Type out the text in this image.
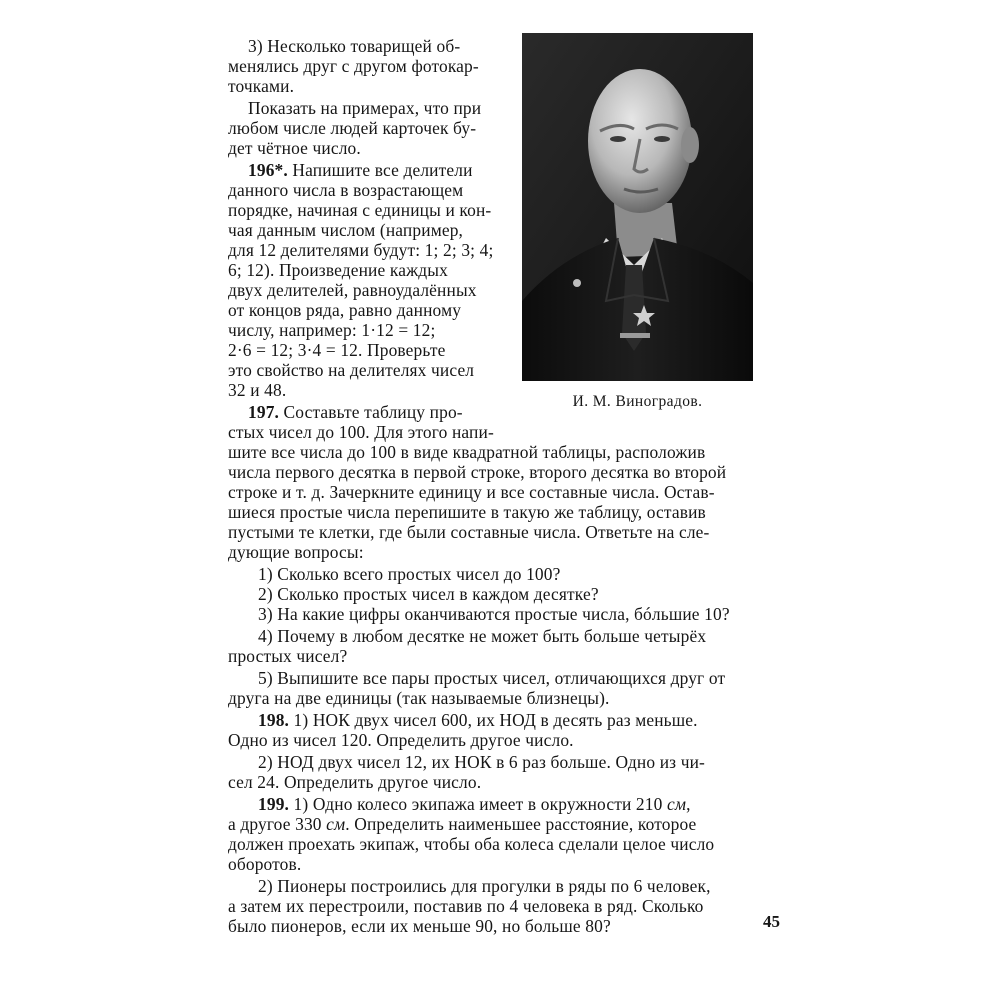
3) Несколько товарищей об-
менялись друг с другом фотокар-
точками.
Показать на примерах, что при
любом числе людей карточек бу-
дет чётное число.
196*. Напишите все делители
данного числа в возрастающем
порядке, начиная с единицы и кон-
чая данным числом (например,
для 12 делителями будут: 1; 2; 3; 4;
6; 12). Произведение каждых
двух делителей, равноудалённых
от концов ряда, равно данному
числу, например: 1·12 = 12;
2·6 = 12; 3·4 = 12. Проверьте
это свойство на делителях чисел
32 и 48.
197. Составьте таблицу про-
стых чисел до 100. Для этого напи-
шите все числа до 100 в виде квадратной таблицы, расположив
числа первого десятка в первой строке, второго десятка во второй
строке и т. д. Зачеркните единицу и все составные числа. Остав-
шиеся простые числа перепишите в такую же таблицу, оставив
пустыми те клетки, где были составные числа. Ответьте на сле-
дующие вопросы:
1) Сколько всего простых чисел до 100?
2) Сколько простых чисел в каждом десятке?
3) На какие цифры оканчиваются простые числа, бóльшие 10?
4) Почему в любом десятке не может быть больше четырёх
простых чисел?
5) Выпишите все пары простых чисел, отличающихся друг от
друга на две единицы (так называемые близнецы).
198. 1) НОК двух чисел 600, их НОД в десять раз меньше.
Одно из чисел 120. Определить другое число.
2) НОД двух чисел 12, их НОК в 6 раз больше. Одно из чи-
сел 24. Определить другое число.
199. 1) Одно колесо экипажа имеет в окружности 210 см,
а другое 330 см. Определить наименьшее расстояние, которое
должен проехать экипаж, чтобы оба колеса сделали целое число
оборотов.
2) Пионеры построились для прогулки в ряды по 6 человек,
а затем их перестроили, поставив по 4 человека в ряд. Сколько
было пионеров, если их меньше 90, но больше 80?
И. М. Виноградов.
45
